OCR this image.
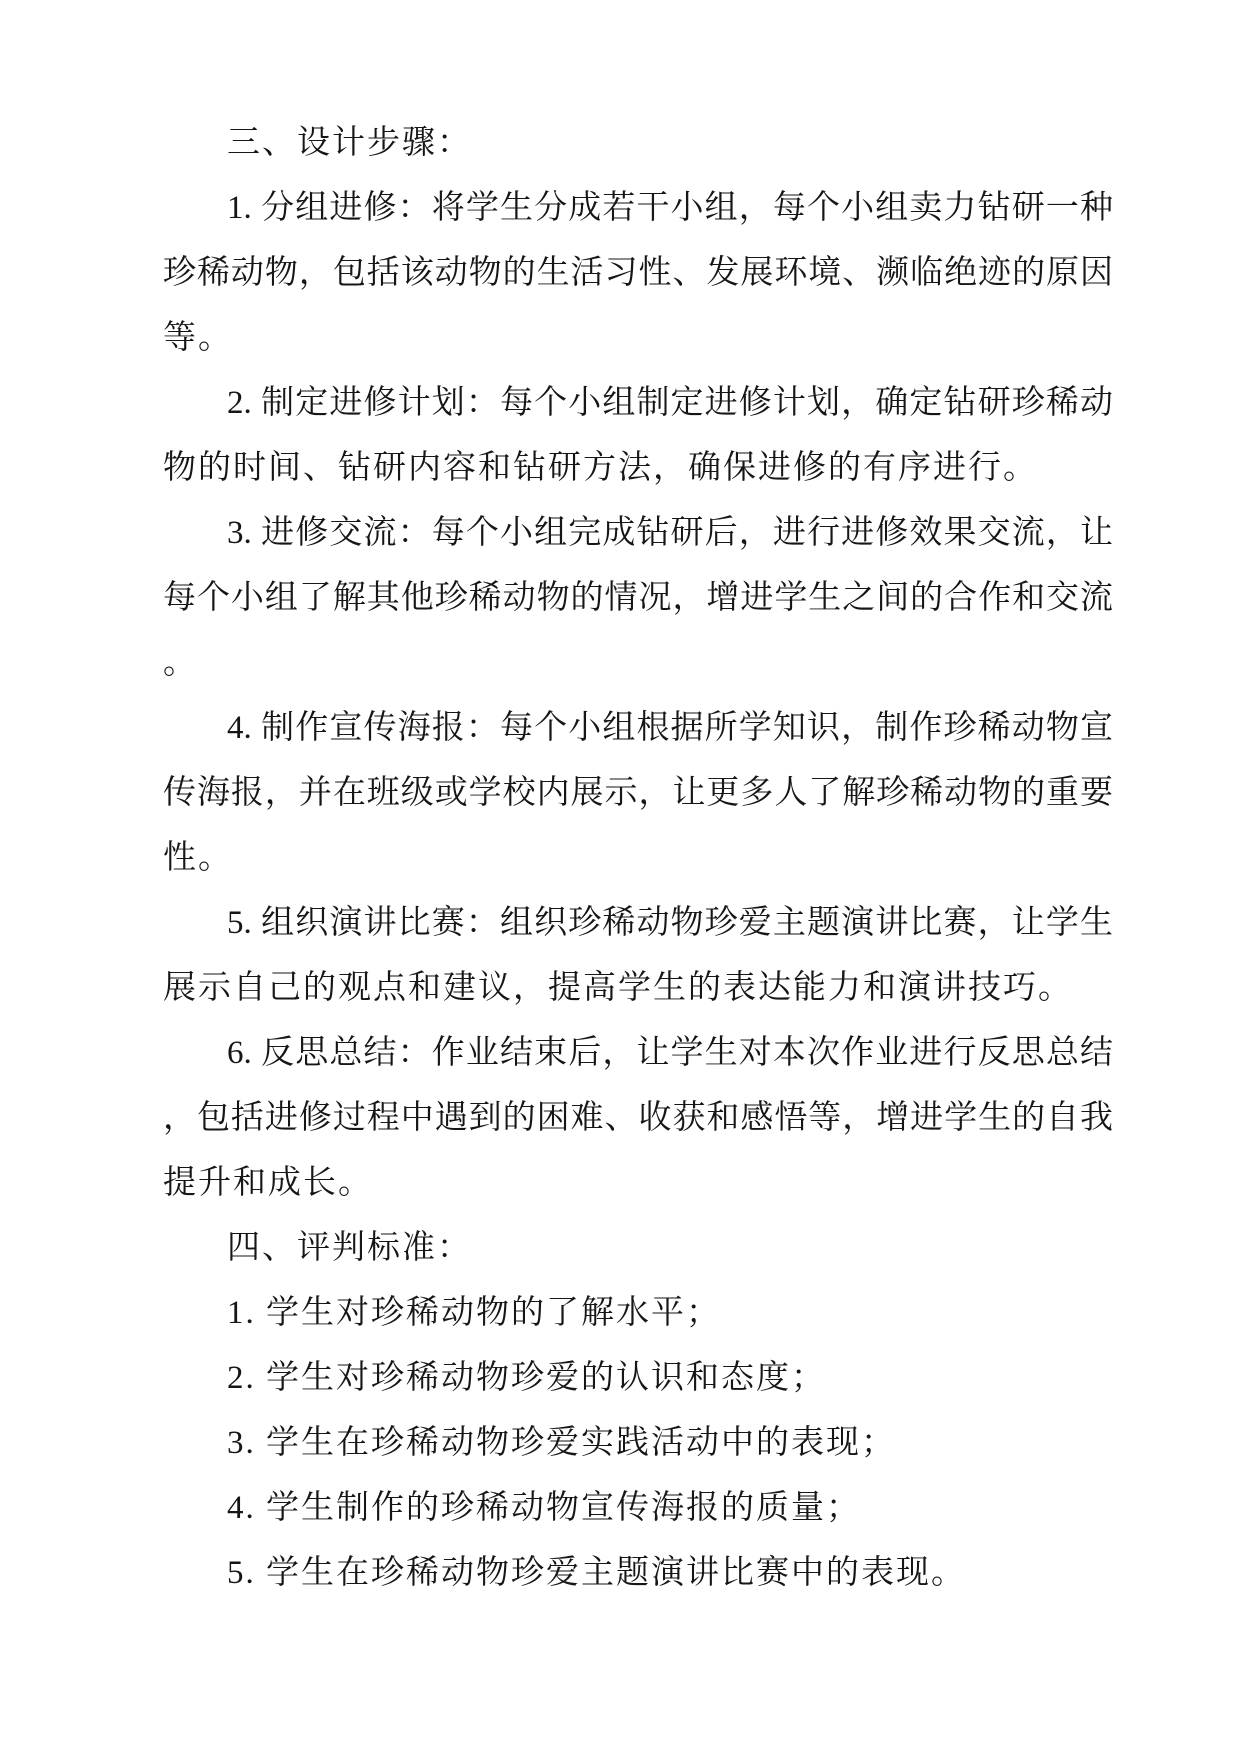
三、设计步骤：
1. 分组进修：将学生分成若干小组，每个小组卖力钻研一种
珍稀动物，包括该动物的生活习性、发展环境、濒临绝迹的原因
等。
2. 制定进修计划：每个小组制定进修计划，确定钻研珍稀动
物的时间、钻研内容和钻研方法，确保进修的有序进行。
3. 进修交流：每个小组完成钻研后，进行进修效果交流，让
每个小组了解其他珍稀动物的情况，增进学生之间的合作和交流
。
4. 制作宣传海报：每个小组根据所学知识，制作珍稀动物宣
传海报，并在班级或学校内展示，让更多人了解珍稀动物的重要
性。
5. 组织演讲比赛：组织珍稀动物珍爱主题演讲比赛，让学生
展示自己的观点和建议，提高学生的表达能力和演讲技巧。
6. 反思总结：作业结束后，让学生对本次作业进行反思总结
，包括进修过程中遇到的困难、收获和感悟等，增进学生的自我
提升和成长。
四、评判标准：
1. 学生对珍稀动物的了解水平；
2. 学生对珍稀动物珍爱的认识和态度；
3. 学生在珍稀动物珍爱实践活动中的表现；
4. 学生制作的珍稀动物宣传海报的质量；
5. 学生在珍稀动物珍爱主题演讲比赛中的表现。
